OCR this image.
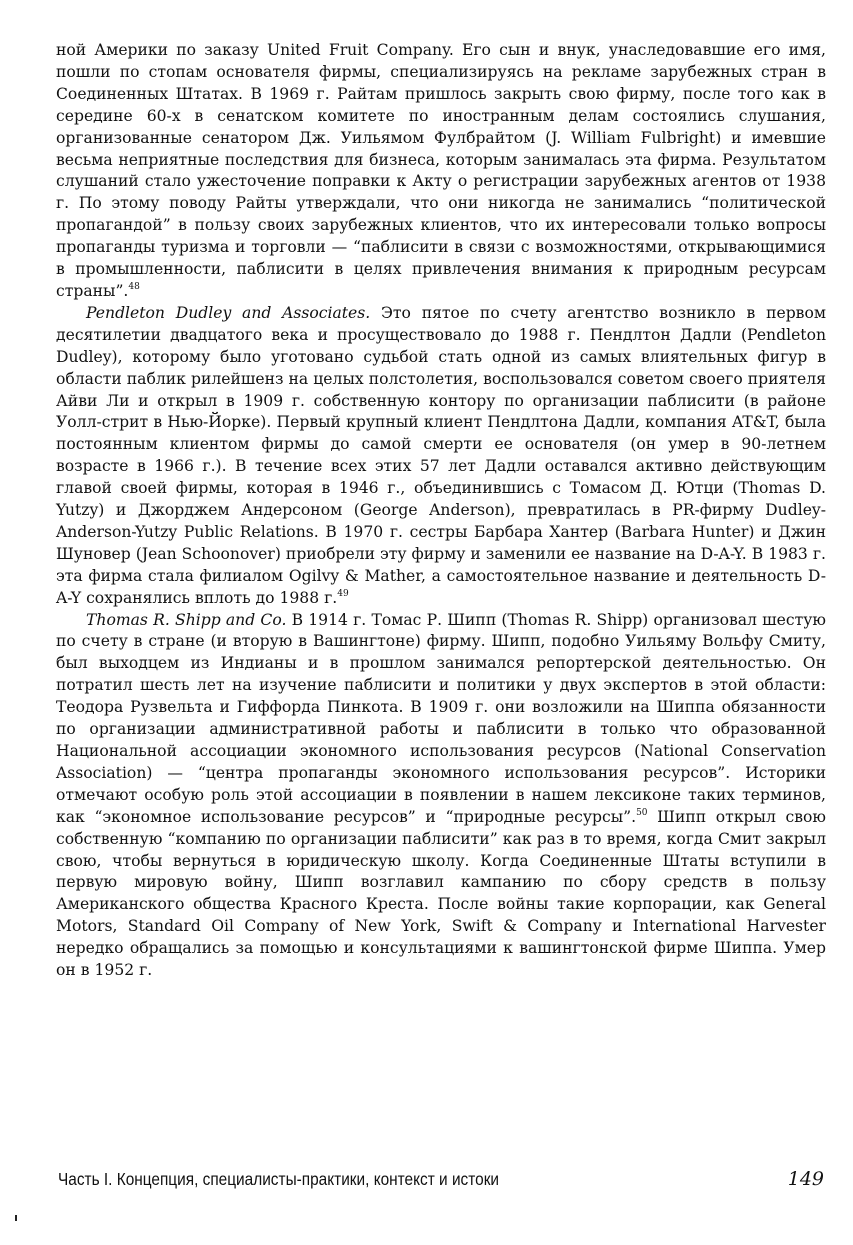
ной Америки по заказу United Fruit Company. Его сын и внук, унаследовавшие его имя, пошли по стопам основателя фирмы, специализируясь на рекламе зарубежных стран в Соединенных Штатах. В 1969 г. Райтам пришлось закрыть свою фирму, после того как в середине 60-х в сенатском комитете по иностранным делам состоялись слушания, организованные сенатором Дж. Уильямом Фулбрайтом (J. William Fulbright) и имевшие весьма неприятные последствия для бизнеса, которым занималась эта фирма. Результатом слушаний стало ужесточение поправки к Акту о регистрации зарубежных агентов от 1938 г. По этому поводу Райты утверждали, что они никогда не занимались “политической пропагандой” в пользу своих зарубежных клиентов, что их интересовали только вопросы пропаганды туризма и торговли — “паблисити в связи с возможностями, открывающимися в промышленности, паблисити в целях привлечения внимания к природным ресурсам страны”.$^{48}$

Pendleton Dudley and Associates. Это пятое по счету агентство возникло в первом десятилетии двадцатого века и просуществовало до 1988 г. Пендлтон Дадли (Pendleton Dudley), которому было уготовано судьбой стать одной из самых влиятельных фигур в области паблик рилейшенз на целых полстолетия, воспользовался советом своего приятеля Айви Ли и открыл в 1909 г. собственную контору по организации паблисити (в районе Уолл-стрит в Нью-Йорке). Первый крупный клиент Пендлтона Дадли, компания AT&T, была постоянным клиентом фирмы до самой смерти ее основателя (он умер в 90-летнем возрасте в 1966 г.). В течение всех этих 57 лет Дадли оставался активно действующим главой своей фирмы, которая в 1946 г., объединившись с Томасом Д. Ютци (Thomas D. Yutzy) и Джорджем Андерсоном (George Anderson), превратилась в PR-фирму Dudley-Anderson-Yutzy Public Relations. В 1970 г. сестры Барбара Хантер (Barbara Hunter) и Джин Шуновер (Jean Schoonover) приобрели эту фирму и заменили ее название на D-A-Y. В 1983 г. эта фирма стала филиалом Ogilvy & Mather, а самостоятельное название и деятельность D-A-Y сохранялись вплоть до 1988 г.$^{49}$

Thomas R. Shipp and Co. В 1914 г. Томас Р. Шипп (Thomas R. Shipp) организовал шестую по счету в стране (и вторую в Вашингтоне) фирму. Шипп, подобно Уильяму Вольфу Смиту, был выходцем из Индианы и в прошлом занимался репортерской деятельностью. Он потратил шесть лет на изучение паблисити и политики у двух экспертов в этой области: Теодора Рузвельта и Гиффорда Пинкота. В 1909 г. они возложили на Шиппа обязанности по организации административной работы и паблисити в только что образованной Национальной ассоциации экономного использования ресурсов (National Conservation Association) — “центра пропаганды экономного использования ресурсов”. Историки отмечают особую роль этой ассоциации в появлении в нашем лексиконе таких терминов, как “экономное использование ресурсов” и “природные ресурсы”.$^{50}$ Шипп открыл свою собственную “компанию по организации паблисити” как раз в то время, когда Смит закрыл свою, чтобы вернуться в юридическую школу. Когда Соединенные Штаты вступили в первую мировую войну, Шипп возглавил кампанию по сбору средств в пользу Американского общества Красного Креста. После войны такие корпорации, как General Motors, Standard Oil Company of New York, Swift & Company и International Harvester нередко обращались за помощью и консультациями к вашингтонской фирме Шиппа. Умер он в 1952 г.

Часть I. Концепция, специалисты-практики, контекст и истоки	149
